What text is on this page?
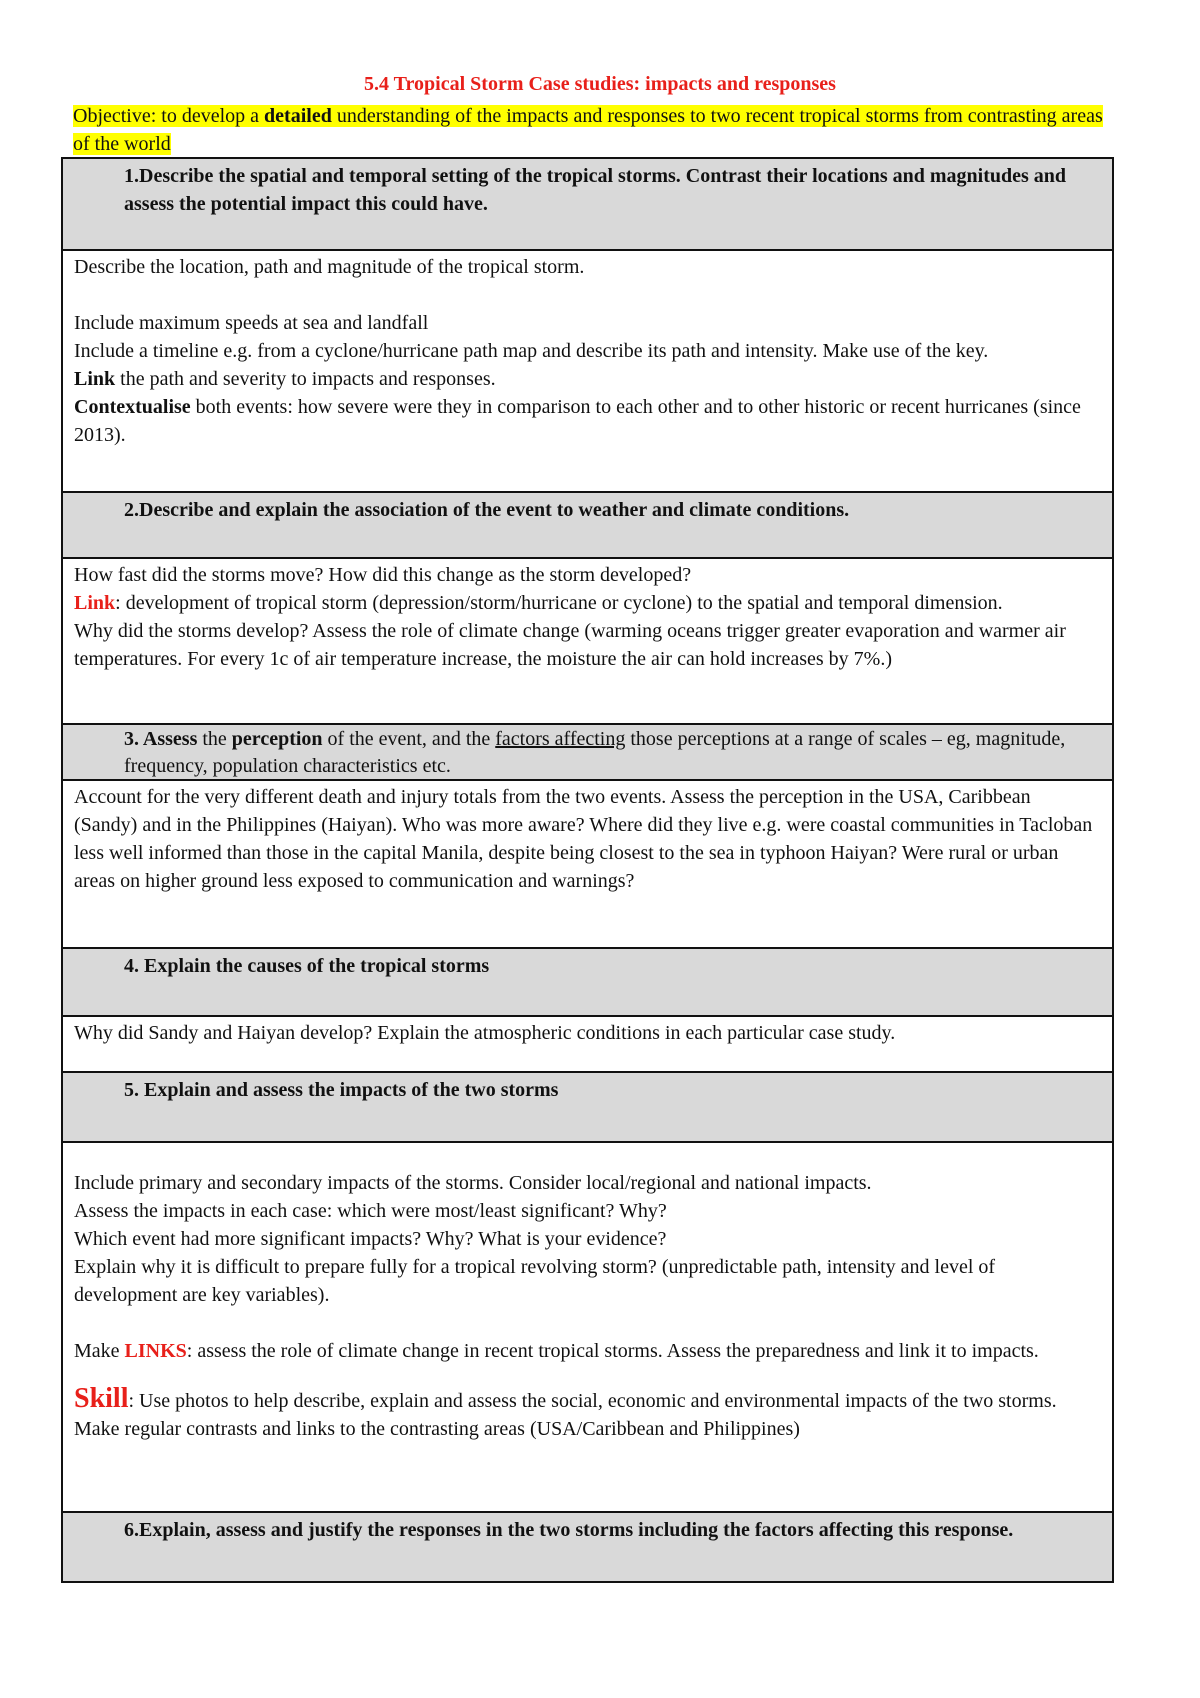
5.4 Tropical Storm Case studies: impacts and responses
Objective: to develop a detailed understanding of the impacts and responses to two recent tropical storms from contrasting areas of the world

1.Describe the spatial and temporal setting of the tropical storms. Contrast their locations and magnitudes and assess the potential impact this could have.

Describe the location, path and magnitude of the tropical storm.

Include maximum speeds at sea and landfall

Include a timeline e.g. from a cyclone/hurricane path map and describe its path and intensity. Make use of the key.

Link the path and severity to impacts and responses.

Contextualise both events: how severe were they in comparison to each other and to other historic or recent hurricanes (since 2013).

2.Describe and explain the association of the event to weather and climate conditions.

How fast did the storms move? How did this change as the storm developed?

Link: development of tropical storm (depression/storm/hurricane or cyclone) to the spatial and temporal dimension.

Why did the storms develop? Assess the role of climate change (warming oceans trigger greater evaporation and warmer air temperatures. For every 1c of air temperature increase, the moisture the air can hold increases by 7%.)

3. Assess the perception of the event, and the factors affecting those perceptions at a range of scales – eg, magnitude, frequency, population characteristics etc.

Account for the very different death and injury totals from the two events. Assess the perception in the USA, Caribbean (Sandy) and in the Philippines (Haiyan). Who was more aware? Where did they live e.g. were coastal communities in Tacloban less well informed than those in the capital Manila, despite being closest to the sea in typhoon Haiyan? Were rural or urban areas on higher ground less exposed to communication and warnings?

4. Explain the causes of the tropical storms

Why did Sandy and Haiyan develop? Explain the atmospheric conditions in each particular case study.

5. Explain and assess the impacts of the two storms

Include primary and secondary impacts of the storms. Consider local/regional and national impacts.

Assess the impacts in each case: which were most/least significant? Why?

Which event had more significant impacts? Why? What is your evidence?

Explain why it is difficult to prepare fully for a tropical revolving storm? (unpredictable path, intensity and level of development are key variables).

Make LINKS: assess the role of climate change in recent tropical storms. Assess the preparedness and link it to impacts.

Skill: Use photos to help describe, explain and assess the social, economic and environmental impacts of the two storms. Make regular contrasts and links to the contrasting areas (USA/Caribbean and Philippines)

6.Explain, assess and justify the responses in the two storms including the factors affecting this response.
